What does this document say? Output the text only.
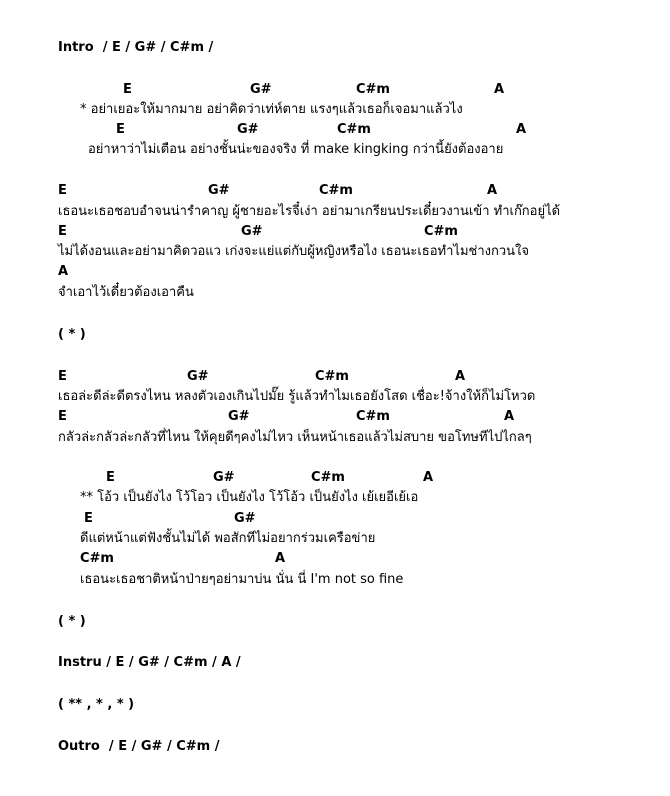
Intro  / E / G# / C#m /
E	G#	C#m	A
* อย่าเยอะให้มากมาย อย่าคิดว่าเท่ห์ตาย แรงๆแล้วเธอก็เจอมาแล้วไง
E	G#	C#m	A
อย่าหาว่าไม่เตือน อย่างชั้นน่ะของจริง ที่ make kingking กว่านี้ยังต้องอาย
E	G#	C#m	A
เธอนะเธอชอบอำจนน่ารำคาญ ผู้ชายอะไรจี๋เง่า อย่ามาเกรียนประเดี๋ยวงานเข้า ทำเก๊กอยู่ได้
E	G#	C#m
ไม่ได้งอนและอย่ามาคิดวอแว เก่งจะแย่แต่กับผู้หญิงหรือไง เธอนะเธอทำไมช่างกวนใจ
A
จำเอาไว้เดี๋ยวต้องเอาคืน
( * )
E	G#	C#m	A
เธอล่ะดีล่ะดีตรงไหน หลงตัวเองเกินไปมั๊ย รู้แล้วทำไมเธอยังโสด เชื่อะ!จ้างให้ก็ไม่โหวด
E	G#	C#m	A
กลัวล่ะกลัวล่ะกลัวที่ไหน ให้คุยดีๆคงไม่ไหว เห็นหน้าเธอแล้วไม่สบาย ขอโทษทีไปไกลๆ
E	G#	C#m	A
** โอ้ว เป็นยังไง โว้โอว เป็นยังไง โว้โอ้ว เป็นยังไง เย้เยอีเย้เอ
E	G#
ดีแต่หน้าแต่ฟังชั้นไม่ได้ พอสักทีไม่อยากร่วมเครือข่าย
C#m	A
เธอนะเธอชาติหน้าป่ายๆอย่ามาบ่น นั่น นี่ I'm not so fine
( * )
Instru / E / G# / C#m / A /
( ** , * , * )
Outro  / E / G# / C#m /
